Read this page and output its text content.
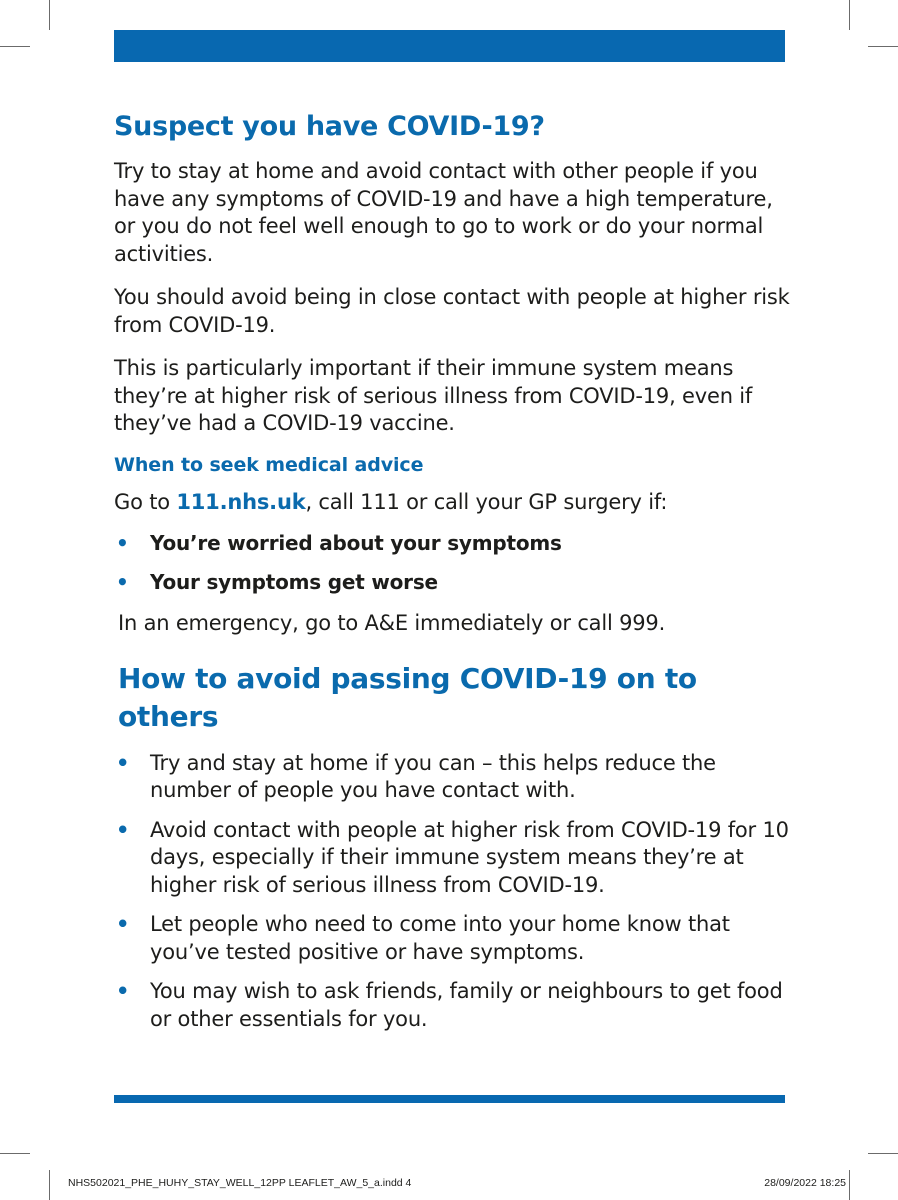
Suspect you have COVID-19?

Try to stay at home and avoid contact with other people if you have any symptoms of COVID-19 and have a high temperature, or you do not feel well enough to go to work or do your normal activities.

You should avoid being in close contact with people at higher risk from COVID-19.

This is particularly important if their immune system means they’re at higher risk of serious illness from COVID-19, even if they’ve had a COVID-19 vaccine.

When to seek medical advice

Go to 111.nhs.uk, call 111 or call your GP surgery if:

• You’re worried about your symptoms
• Your symptoms get worse

In an emergency, go to A&E immediately or call 999.

How to avoid passing COVID-19 on to others
• Try and stay at home if you can – this helps reduce the number of people you have contact with.
• Avoid contact with people at higher risk from COVID-19 for 10 days, especially if their immune system means they’re at higher risk of serious illness from COVID-19.
• Let people who need to come into your home know that you’ve tested positive or have symptoms.
• You may wish to ask friends, family or neighbours to get food or other essentials for you.
NHS502021_PHE_HUHY_STAY_WELL_12PP LEAFLET_AW_5_a.indd 4	28/09/2022 18:25
